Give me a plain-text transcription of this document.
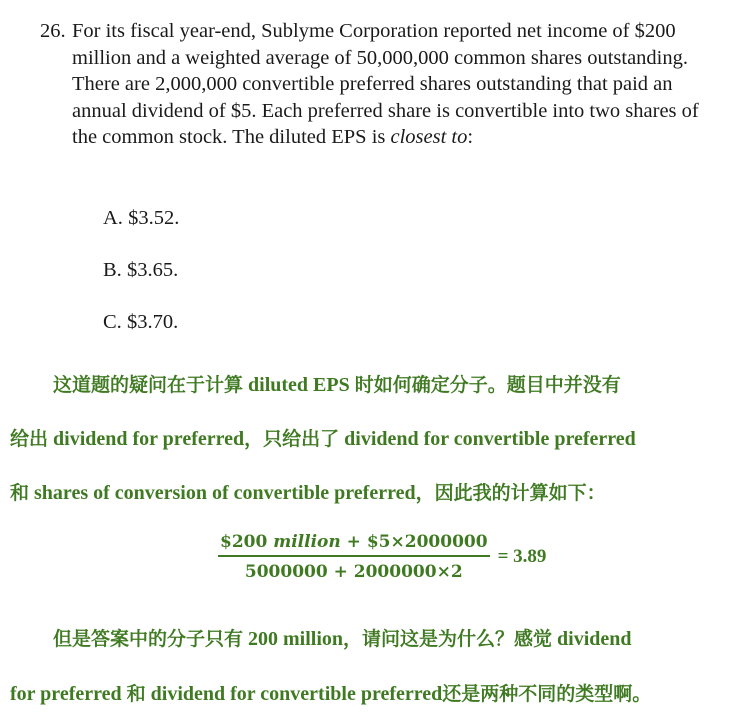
26. For its fiscal year-end, Sublyme Corporation reported net income of $200 million and a weighted average of 50,000,000 common shares outstanding. There are 2,000,000 convertible preferred shares outstanding that paid an annual dividend of $5. Each preferred share is convertible into two shares of the common stock. The diluted EPS is closest to:
A. $3.52.
B. $3.65.
C. $3.70.
这道题的疑问在于计算 diluted EPS 时如何确定分子。题目中并没有
给出 dividend for preferred，只给出了 dividend for convertible preferred
和 shares of conversion of convertible preferred，因此我的计算如下：
$\frac{\text{\$200 million + \$5×2000000}}{5000000 + 2000000\times 2} = 3.89$
但是答案中的分子只有 200 million，请问这是为什么？感觉 dividend
for preferred 和 dividend for convertible preferred还是两种不同的类型啊。
